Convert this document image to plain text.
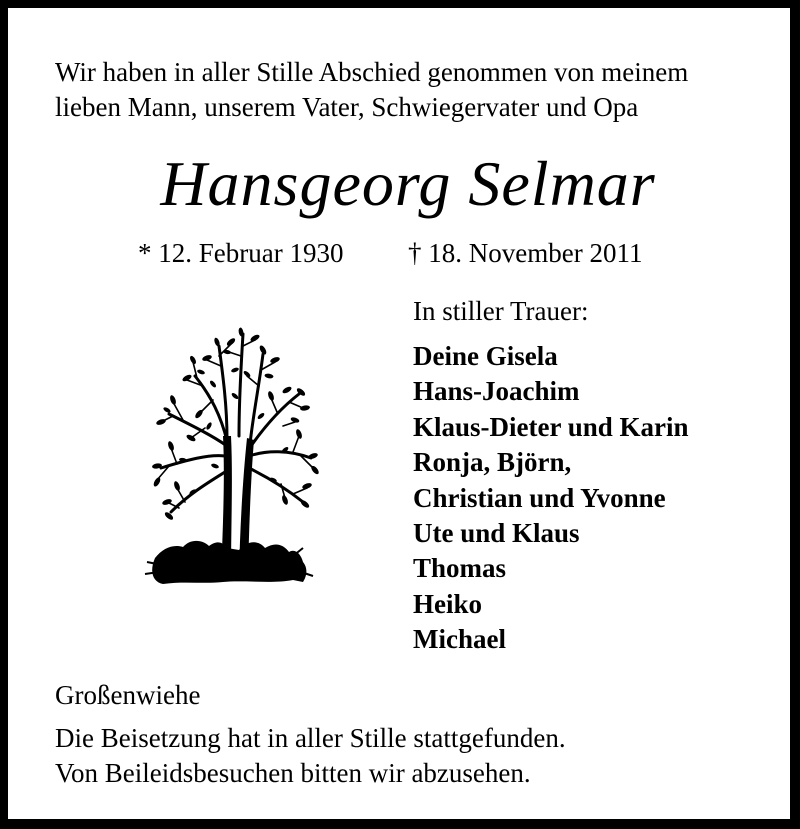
Wir haben in aller Stille Abschied genommen von meinem
lieben Mann, unserem Vater, Schwiegervater und Opa
Hansgeorg Selmar
* 12. Februar 1930 † 18. November 2011
In stiller Trauer:
Deine Gisela
Hans-Joachim
Klaus-Dieter und Karin
Ronja, Björn,
Christian und Yvonne
Ute und Klaus
Thomas
Heiko
Michael
Großenwiehe
Die Beisetzung hat in aller Stille stattgefunden.
Von Beileidsbesuchen bitten wir abzusehen.
